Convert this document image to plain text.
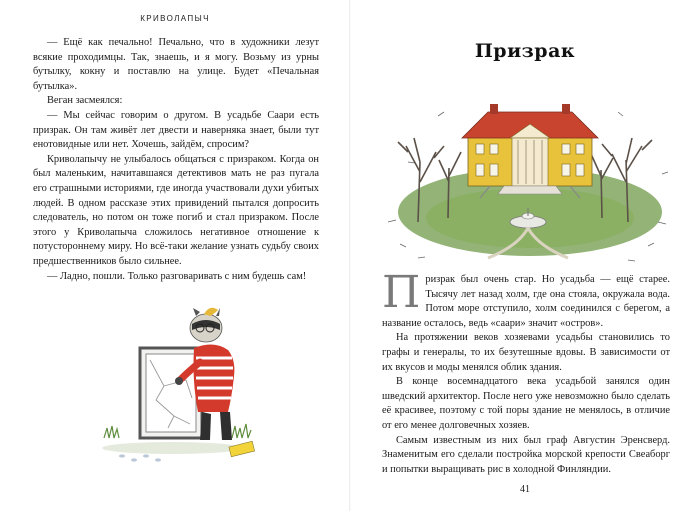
КРИВОЛАПЫЧ

— Ещё как печально! Печально, что в художники лезут всякие проходимцы. Так, знаешь, и я могу. Возьму из урны бутылку, кокну и поставлю на улице. Будет «Печальная бутылка».

Веган засмеялся:

— Мы сейчас говорим о другом. В усадьбе Саари есть призрак. Он там живёт лет двести и наверняка знает, были тут енотовидные или нет. Хочешь, зайдём, спросим?

Криволапычу не улыбалось общаться с призраком. Когда он был маленьким, начитавшаяся детективов мать не раз пугала его страшными историями, где иногда участвовали духи убитых людей. В одном рассказе этих привидений пытался допросить следователь, но потом он тоже погиб и стал призраком. После этого у Криволапыча сложилось негативное отношение к потустороннему миру. Но всё-таки желание узнать судьбу своих предшественников было сильнее.

— Ладно, пошли. Только разговаривать с ним будешь сам!

Призрак

Призрак был очень стар. Но усадьба — ещё старее. Тысячу лет назад холм, где она стояла, окружала вода. Потом море отступило, холм соединился с берегом, а название осталось, ведь «саари» значит «остров».

На протяжении веков хозяевами усадьбы становились то графы и генералы, то их безутешные вдовы. В зависимости от их вкусов и моды менялся облик здания.

В конце восемнадцатого века усадьбой занялся один шведский архитектор. После него уже невозможно было сделать её красивее, поэтому с той поры здание не менялось, в отличие от его менее долговечных хозяев.

Самым известным из них был граф Августин Эренсверд. Знаменитым его сделали постройка морской крепости Свеаборг и попытки выращивать рис в холодной Финляндии.

41
